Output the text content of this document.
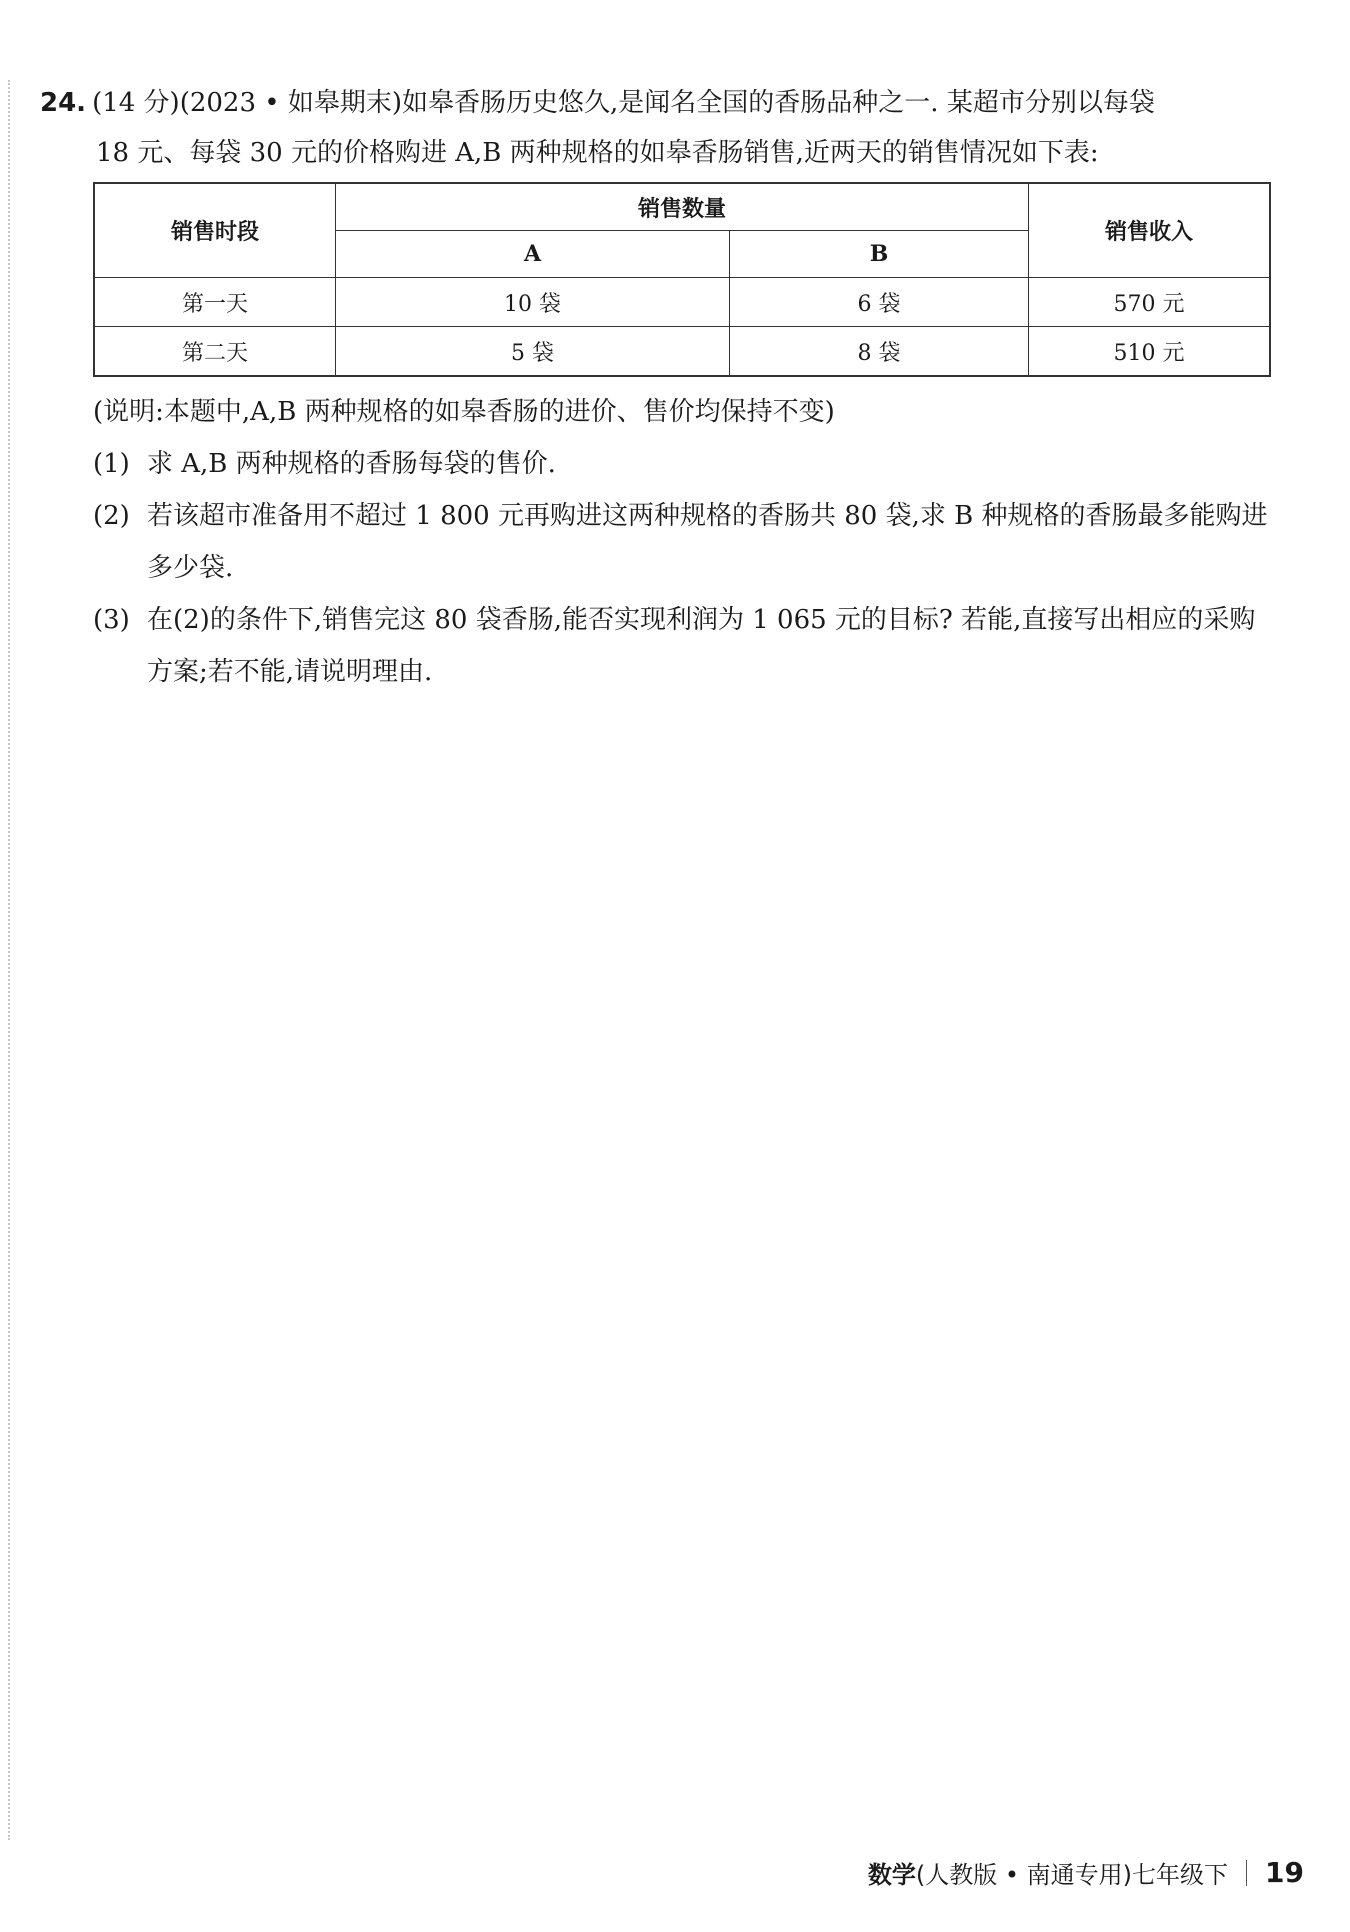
24. (14 分)(2023 • 如皋期末)如皋香肠历史悠久,是闻名全国的香肠品种之一. 某超市分别以每袋
18 元、每袋 30 元的价格购进 A,B 两种规格的如皋香肠销售,近两天的销售情况如下表:
销售时段	销售数量		销售收入
	A	B	
第一天	10 袋	6 袋	570 元
第二天	5 袋	8 袋	510 元
(说明:本题中,A,B 两种规格的如皋香肠的进价、售价均保持不变)
(1) 求 A,B 两种规格的香肠每袋的售价.
(2) 若该超市准备用不超过 1 800 元再购进这两种规格的香肠共 80 袋,求 B 种规格的香肠最多能购进多少袋.
(3) 在(2)的条件下,销售完这 80 袋香肠,能否实现利润为 1 065 元的目标? 若能,直接写出相应的采购方案;若不能,请说明理由.
数学(人教版 • 南通专用)七年级下 19
